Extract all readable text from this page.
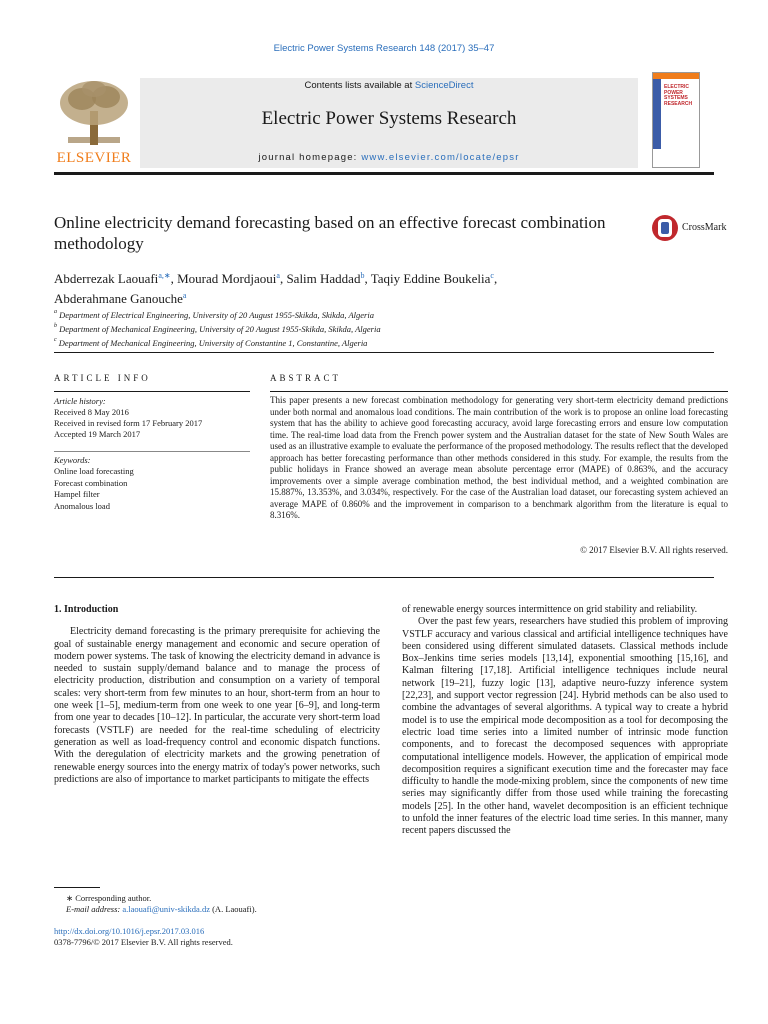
Electric Power Systems Research 148 (2017) 35–47
ELSEVIER
Contents lists available at ScienceDirect
Electric Power Systems Research
journal homepage: www.elsevier.com/locate/epsr
ELECTRIC POWER SYSTEMS RESEARCH
Online electricity demand forecasting based on an effective forecast combination methodology
CrossMark
Abderrezak Laouafi$^{a,∗}$, Mourad Mordjaoui$^a$, Salim Haddad$^b$, Taqiy Eddine Boukelia$^c$,
Abderahmane Ganouche$^a$
$^a$ Department of Electrical Engineering, University of 20 August 1955-Skikda, Skikda, Algeria
$^b$ Department of Mechanical Engineering, University of 20 August 1955-Skikda, Skikda, Algeria
$^c$ Department of Mechanical Engineering, University of Constantine 1, Constantine, Algeria
ARTICLE INFO	ABSTRACT
Article history:
Received 8 May 2016
Received in revised form 17 February 2017
Accepted 19 March 2017
Keywords:
Online load forecasting
Forecast combination
Hampel filter
Anomalous load
This paper presents a new forecast combination methodology for generating very short-term electricity demand predictions under both normal and anomalous load conditions. The main contribution of the work is to propose an online load forecasting system that has the ability to achieve good forecasting accuracy, avoid large forecasting errors and ensure low computation time. The real-time load data from the French power system and the Australian dataset for the state of New South Wales are used as an illustrative example to evaluate the performance of the proposed methodology. The results reflect that the developed approach has better forecasting performance than other methods considered in this study. For example, the results from the public holidays in France showed an average mean absolute percentage error (MAPE) of 0.863%, and the accuracy improvements over a simple average combination method, the best individual method, and a weighted combination are 15.887%, 13.353%, and 3.034%, respectively. For the case of the Australian load dataset, our forecasting system achieved an average MAPE of 0.860% and the improvement in comparison to a benchmark algorithm from the literature is equal to 8.316%.
© 2017 Elsevier B.V. All rights reserved.
1. Introduction

Electricity demand forecasting is the primary prerequisite for achieving the goal of sustainable energy management and economic and secure operation of modern power systems. The task of knowing the electricity demand in advance is needed to sustain supply/demand balance and to manage the process of electricity production, distribution and consumption on a variety of temporal scales: very short-term from few minutes to an hour, short-term from an hour to one week [1–5], medium-term from one week to one year [6–9], and long-term from one year to decades [10–12]. In particular, the accurate very short-term load forecasts (VSTLF) are needed for the real-time scheduling of electricity generation as well as load-frequency control and economic dispatch functions. With the deregulation of electricity markets and the growing penetration of renewable energy sources into the energy matrix of today's power networks, such predictions are also of importance to market participants to mitigate the effects

of renewable energy sources intermittence on grid stability and reliability.

Over the past few years, researchers have studied this problem of improving VSTLF accuracy and various classical and artificial intelligence techniques have been considered using different simulated datasets. Classical methods include Box–Jenkins time series models [13,14], exponential smoothing [15,16], and Kalman filtering [17,18]. Artificial intelligence techniques include neural network [19–21], fuzzy logic [13], adaptive neuro-fuzzy inference system [22,23], and support vector regression [24]. Hybrid methods can be also used to combine the advantages of several algorithms. A typical way to create a hybrid model is to use the empirical mode decomposition as a tool for decomposing the electric load time series into a limited number of intrinsic mode function components, and to forecast the decomposed sequences with appropriate computational intelligence models. However, the application of empirical mode decomposition requires a significant execution time and the forecaster may face difficulty to handle the mode-mixing problem, since the components of new time series may significantly differ from those used while training the forecasting models [25]. In the other hand, wavelet decomposition is an efficient technique to unfold the inner features of the electric load time series. In this manner, many recent papers discussed the

∗ Corresponding author.
E-mail address: a.laouafi@univ-skikda.dz (A. Laouafi).
http://dx.doi.org/10.1016/j.epsr.2017.03.016
0378-7796/© 2017 Elsevier B.V. All rights reserved.
